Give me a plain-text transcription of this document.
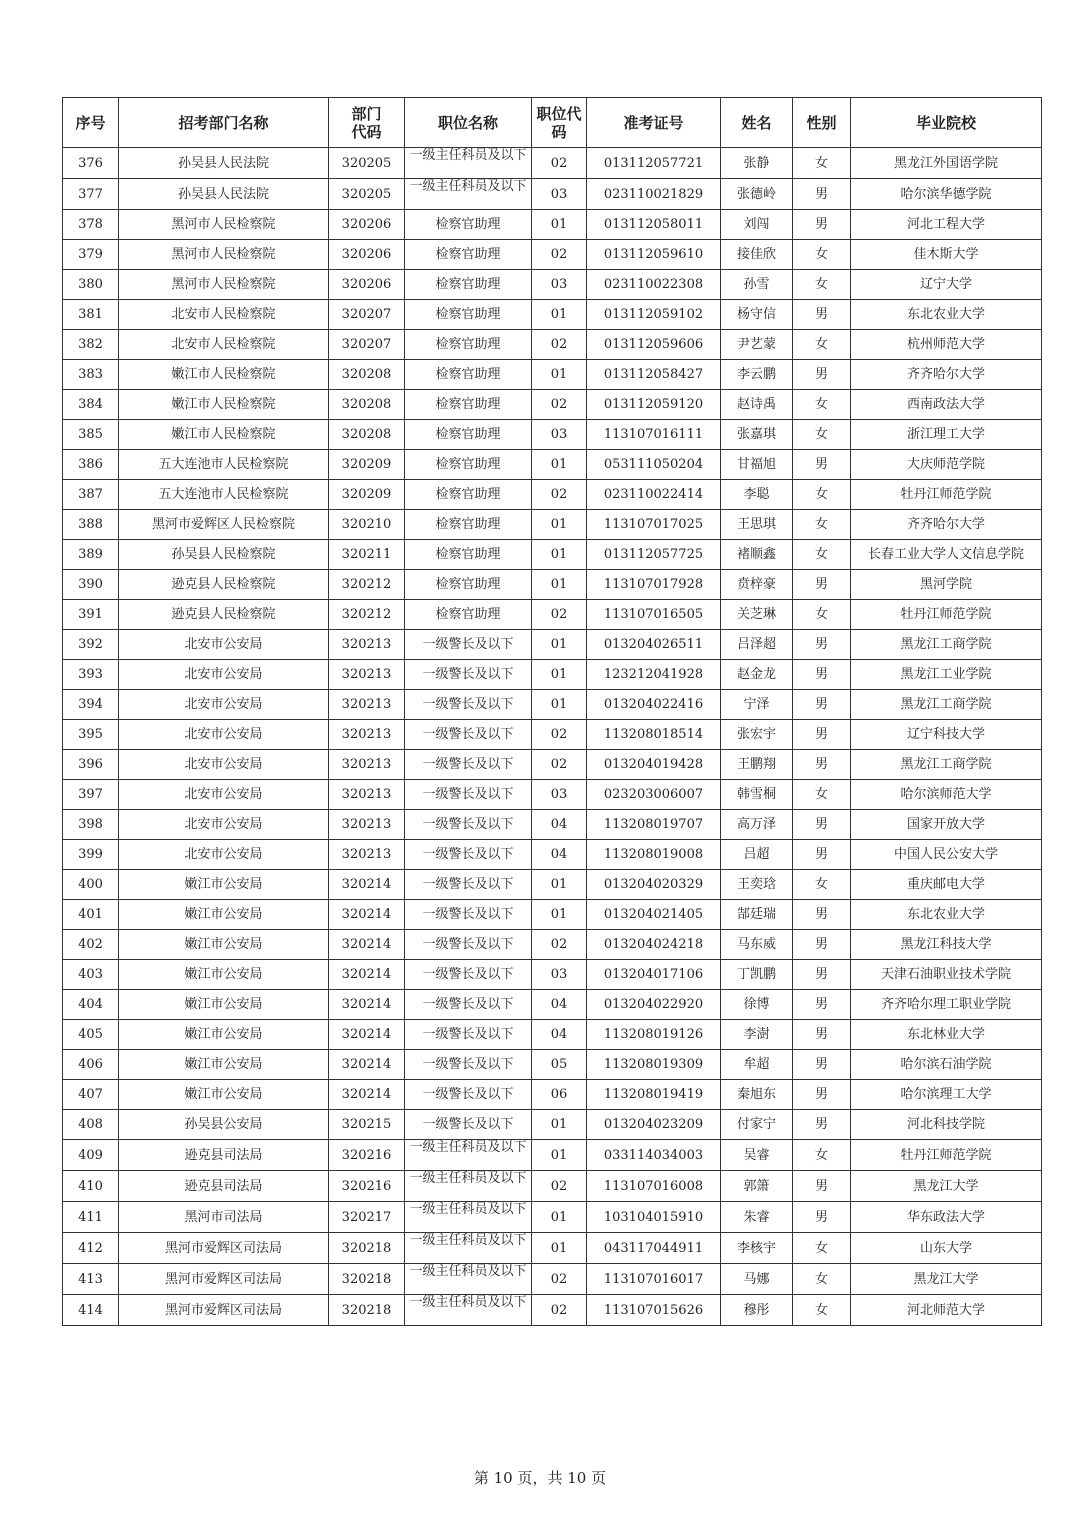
序号	招考部门名称	部门代码	职位名称	职位代码	准考证号	姓名	性别	毕业院校
376	孙吴县人民法院	320205	一级主任科员及以下	02	013112057721	张静	女	黑龙江外国语学院
377	孙吴县人民法院	320205	一级主任科员及以下	03	023110021829	张德岭	男	哈尔滨华德学院
378	黑河市人民检察院	320206	检察官助理	01	013112058011	刘闯	男	河北工程大学
379	黑河市人民检察院	320206	检察官助理	02	013112059610	接佳欣	女	佳木斯大学
380	黑河市人民检察院	320206	检察官助理	03	023110022308	孙雪	女	辽宁大学
381	北安市人民检察院	320207	检察官助理	01	013112059102	杨守信	男	东北农业大学
382	北安市人民检察院	320207	检察官助理	02	013112059606	尹艺蒙	女	杭州师范大学
383	嫩江市人民检察院	320208	检察官助理	01	013112058427	李云鹏	男	齐齐哈尔大学
384	嫩江市人民检察院	320208	检察官助理	02	013112059120	赵诗禹	女	西南政法大学
385	嫩江市人民检察院	320208	检察官助理	03	113107016111	张嘉琪	女	浙江理工大学
386	五大连池市人民检察院	320209	检察官助理	01	053111050204	甘福旭	男	大庆师范学院
387	五大连池市人民检察院	320209	检察官助理	02	023110022414	李聪	女	牡丹江师范学院
388	黑河市爱辉区人民检察院	320210	检察官助理	01	113107017025	王思琪	女	齐齐哈尔大学
389	孙吴县人民检察院	320211	检察官助理	01	013112057725	褚顺鑫	女	长春工业大学人文信息学院
390	逊克县人民检察院	320212	检察官助理	01	113107017928	贲梓豪	男	黑河学院
391	逊克县人民检察院	320212	检察官助理	02	113107016505	关芝琳	女	牡丹江师范学院
392	北安市公安局	320213	一级警长及以下	01	013204026511	吕泽超	男	黑龙江工商学院
393	北安市公安局	320213	一级警长及以下	01	123212041928	赵金龙	男	黑龙江工业学院
394	北安市公安局	320213	一级警长及以下	01	013204022416	宁泽	男	黑龙江工商学院
395	北安市公安局	320213	一级警长及以下	02	113208018514	张宏宇	男	辽宁科技大学
396	北安市公安局	320213	一级警长及以下	02	013204019428	王鹏翔	男	黑龙江工商学院
397	北安市公安局	320213	一级警长及以下	03	023203006007	韩雪桐	女	哈尔滨师范大学
398	北安市公安局	320213	一级警长及以下	04	113208019707	高万泽	男	国家开放大学
399	北安市公安局	320213	一级警长及以下	04	113208019008	吕超	男	中国人民公安大学
400	嫩江市公安局	320214	一级警长及以下	01	013204020329	王奕琀	女	重庆邮电大学
401	嫩江市公安局	320214	一级警长及以下	01	013204021405	郜廷瑞	男	东北农业大学
402	嫩江市公安局	320214	一级警长及以下	02	013204024218	马东威	男	黑龙江科技大学
403	嫩江市公安局	320214	一级警长及以下	03	013204017106	丁凯鹏	男	天津石油职业技术学院
404	嫩江市公安局	320214	一级警长及以下	04	013204022920	徐博	男	齐齐哈尔理工职业学院
405	嫩江市公安局	320214	一级警长及以下	04	113208019126	李澍	男	东北林业大学
406	嫩江市公安局	320214	一级警长及以下	05	113208019309	牟超	男	哈尔滨石油学院
407	嫩江市公安局	320214	一级警长及以下	06	113208019419	秦旭东	男	哈尔滨理工大学
408	孙吴县公安局	320215	一级警长及以下	01	013204023209	付家宁	男	河北科技学院
409	逊克县司法局	320216	一级主任科员及以下	01	033114034003	吴睿	女	牡丹江师范学院
410	逊克县司法局	320216	一级主任科员及以下	02	113107016008	郭箫	男	黑龙江大学
411	黑河市司法局	320217	一级主任科员及以下	01	103104015910	朱睿	男	华东政法大学
412	黑河市爱辉区司法局	320218	一级主任科员及以下	01	043117044911	李核宇	女	山东大学
413	黑河市爱辉区司法局	320218	一级主任科员及以下	02	113107016017	马娜	女	黑龙江大学
414	黑河市爱辉区司法局	320218	一级主任科员及以下	02	113107015626	穆彤	女	河北师范大学
第 10 页，共 10 页
